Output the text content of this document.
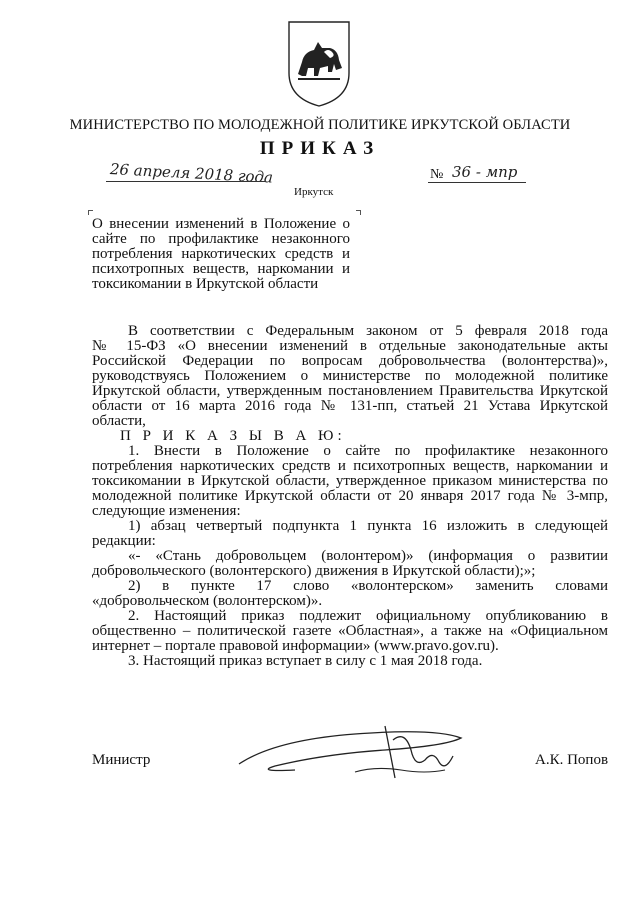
МИНИСТЕРСТВО ПО МОЛОДЕЖНОЙ ПОЛИТИКЕ ИРКУТСКОЙ ОБЛАСТИ
ПРИКАЗ
26 апреля 2018 года	№ 36 - мпр
Иркутск
О внесении изменений в Положение о
сайте по профилактике незаконного
потребления наркотических средств и
психотропных веществ, наркомании и
токсикомании в Иркутской области
В соответствии с Федеральным законом от 5 февраля 2018 года
№ 15-ФЗ «О внесении изменений в отдельные законодательные акты
Российской Федерации по вопросам добровольчества (волонтерства)»,
руководствуясь Положением о министерстве по молодежной политике
Иркутской области, утвержденным постановлением Правительства Иркутской
области от 16 марта 2016 года № 131-пп, статьей 21 Устава Иркутской
области,
П Р И К А З Ы В А Ю:
1. Внести в Положение о сайте по профилактике незаконного
потребления наркотических средств и психотропных веществ, наркомании и
токсикомании в Иркутской области, утвержденное приказом министерства по
молодежной политике Иркутской области от 20 января 2017 года № 3-мпр,
следующие изменения:
1) абзац четвертый подпункта 1 пункта 16 изложить в следующей
редакции:
«- «Стань добровольцем (волонтером)» (информация о развитии
добровольческого (волонтерского) движения в Иркутской области);»;
2) в пункте 17 слово «волонтерском» заменить словами
«добровольческом (волонтерском)».
2. Настоящий приказ подлежит официальному опубликованию в
общественно – политической газете «Областная», а также на «Официальном
интернет – портале правовой информации» (www.pravo.gov.ru).
3. Настоящий приказ вступает в силу с 1 мая 2018 года.
Министр	А.К. Попов
